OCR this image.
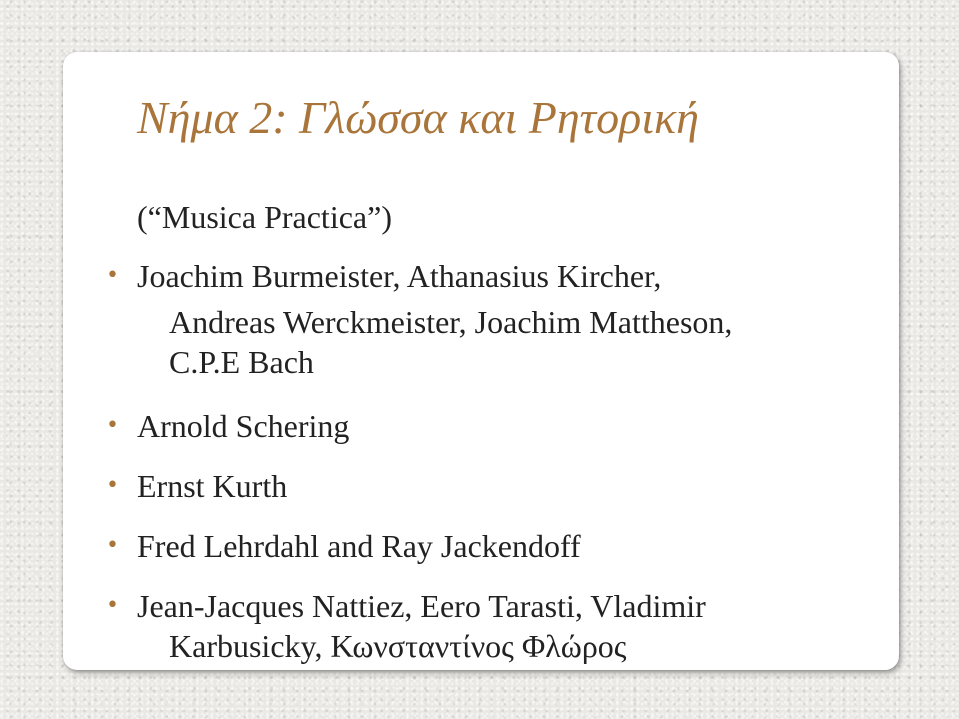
Νήμα 2: Γλώσσα και Ρητορική
(“Musica Practica”)
• Joachim Burmeister, Athanasius Kircher,
Andreas Werckmeister, Joachim Mattheson,
C.P.E Bach
• Arnold Schering
• Ernst Kurth
• Fred Lehrdahl and Ray Jackendoff
• Jean-Jacques Nattiez, Eero Tarasti, Vladimir
Karbusicky, Κωνσταντίνος Φλώρος
